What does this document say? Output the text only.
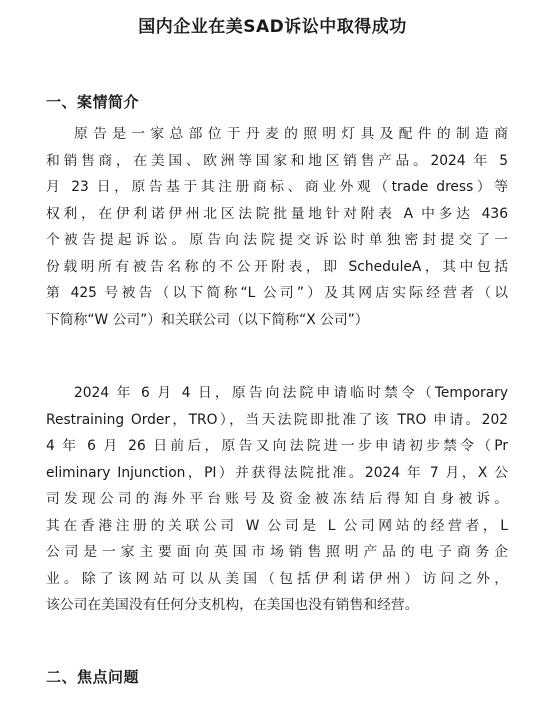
国内企业在美SAD诉讼中取得成功
一、案情简介
原告是一家总部位于丹麦的照明灯具及配件的制造商
和销售商，在美国、欧洲等国家和地区销售产品。2024 年 5
月 23 日，原告基于其注册商标、商业外观（trade dress）等
权利，在伊利诺伊州北区法院批量地针对附表 A 中多达 436
个被告提起诉讼。原告向法院提交诉讼时单独密封提交了一
份载明所有被告名称的不公开附表，即 ScheduleA，其中包括
第 425 号被告（以下简称“L 公司”）及其网店实际经营者（以
下简称“W 公司”）和关联公司（以下简称“X 公司”）
2024 年 6 月 4 日，原告向法院申请临时禁令（Temporary
Restraining Order，TRO），当天法院即批准了该 TRO 申请。202
4 年 6 月 26 日前后，原告又向法院进一步申请初步禁令（Pr
eliminary Injunction，PI）并获得法院批准。2024 年 7 月，X 公
司发现公司的海外平台账号及资金被冻结后得知自身被诉。
其在香港注册的关联公司 W 公司是 L 公司网站的经营者，L
公司是一家主要面向英国市场销售照明产品的电子商务企
业。除了该网站可以从美国（包括伊利诺伊州）访问之外，
该公司在美国没有任何分支机构，在美国也没有销售和经营。
二、焦点问题
